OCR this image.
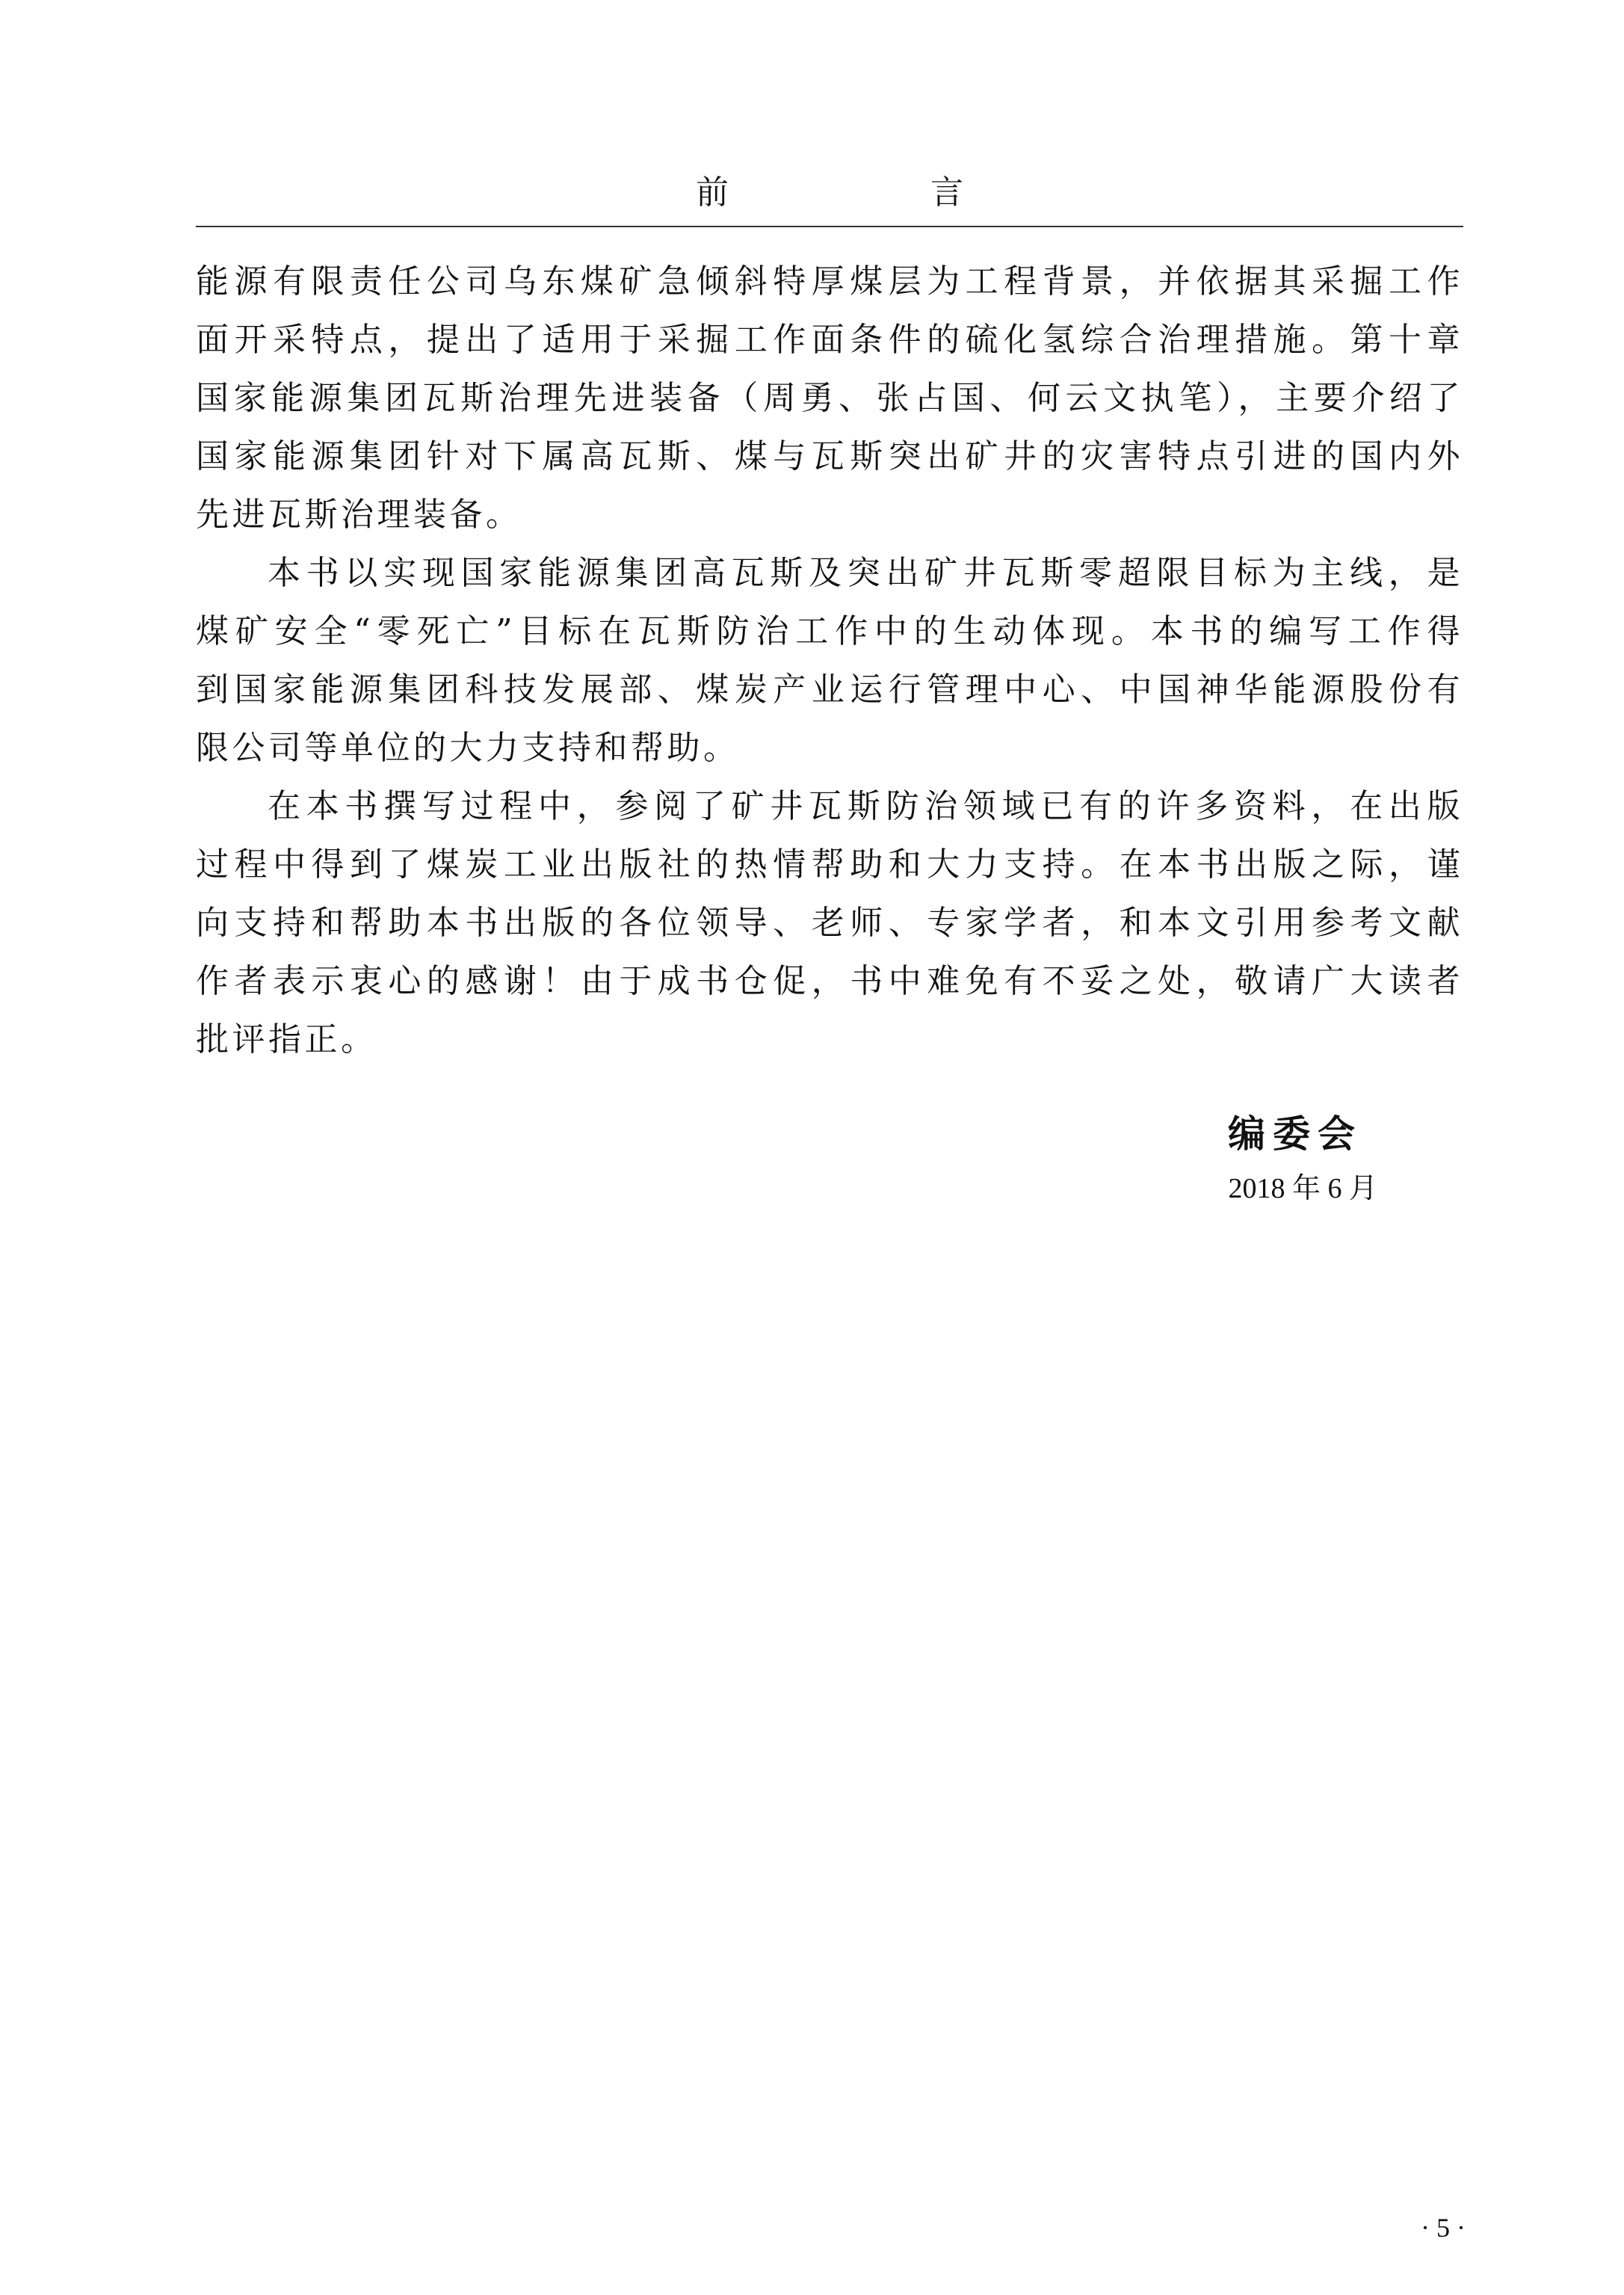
前 言
能源有限责任公司乌东煤矿急倾斜特厚煤层为工程背景，并依据其采掘工作
面开采特点，提出了适用于采掘工作面条件的硫化氢综合治理措施。第十章
国家能源集团瓦斯治理先进装备（周勇、张占国、何云文执笔），主要介绍了
国家能源集团针对下属高瓦斯、煤与瓦斯突出矿井的灾害特点引进的国内外
先进瓦斯治理装备。
本书以实现国家能源集团高瓦斯及突出矿井瓦斯零超限目标为主线，是
煤矿安全“零死亡”目标在瓦斯防治工作中的生动体现。本书的编写工作得
到国家能源集团科技发展部、煤炭产业运行管理中心、中国神华能源股份有
限公司等单位的大力支持和帮助。
在本书撰写过程中，参阅了矿井瓦斯防治领域已有的许多资料，在出版
过程中得到了煤炭工业出版社的热情帮助和大力支持。在本书出版之际，谨
向支持和帮助本书出版的各位领导、老师、专家学者，和本文引用参考文献
作者表示衷心的感谢！由于成书仓促，书中难免有不妥之处，敬请广大读者
批评指正。
编委会
2018 年 6 月
· 5 ·
